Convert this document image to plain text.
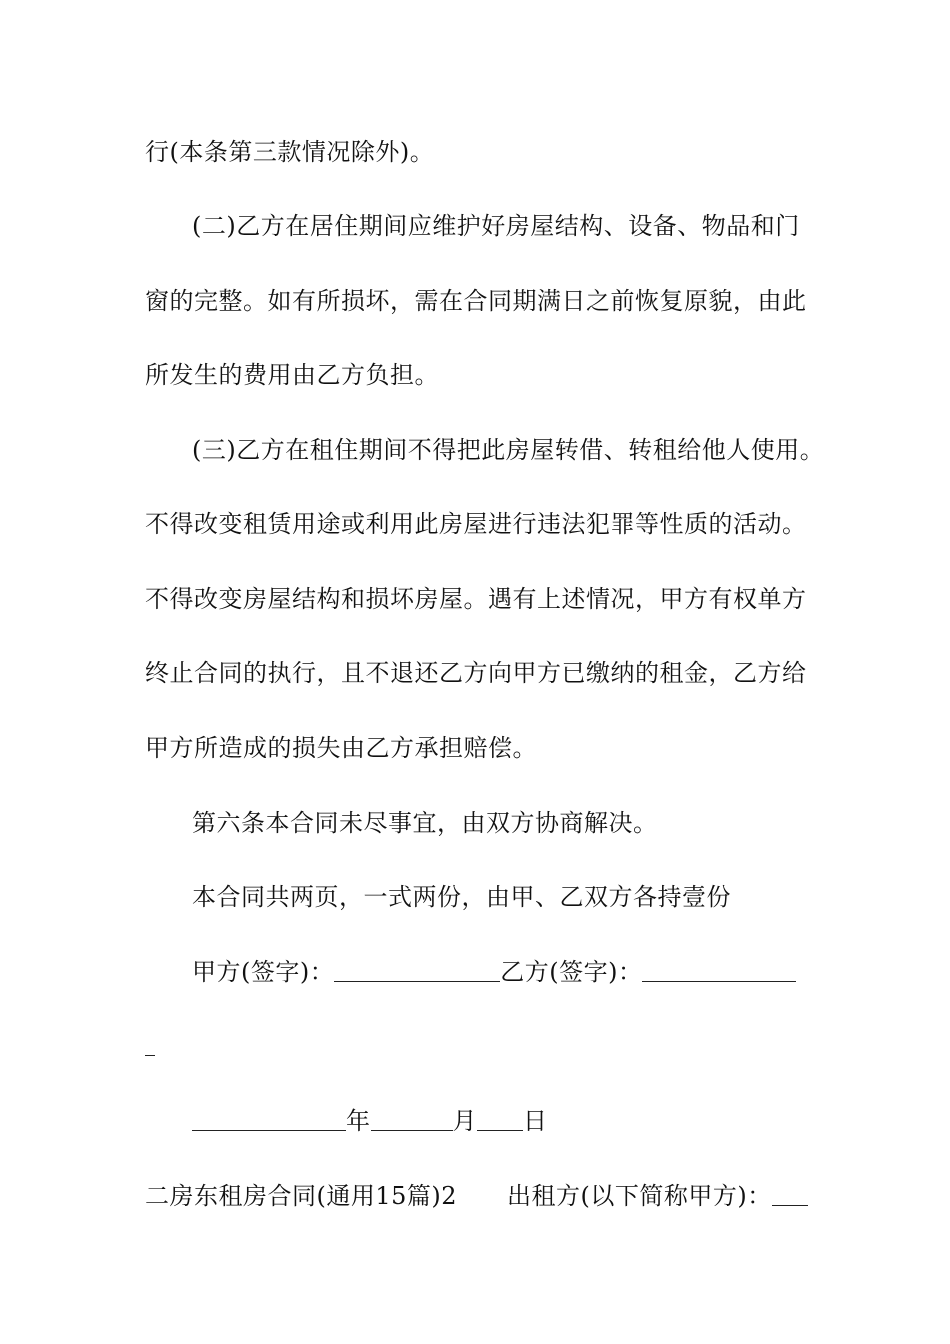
行(本条第三款情况除外)。
(二)乙方在居住期间应维护好房屋结构、设备、物品和门
窗的完整。如有所损坏，需在合同期满日之前恢复原貌，由此
所发生的费用由乙方负担。
(三)乙方在租住期间不得把此房屋转借、转租给他人使用。
不得改变租赁用途或利用此房屋进行违法犯罪等性质的活动。
不得改变房屋结构和损坏房屋。遇有上述情况，甲方有权单方
终止合同的执行，且不退还乙方向甲方已缴纳的租金，乙方给
甲方所造成的损失由乙方承担赔偿。
第六条本合同未尽事宜，由双方协商解决。
本合同共两页，一式两份，由甲、乙双方各持壹份
甲方(签字)：	乙方(签字)：
年	月 日
二房东租房合同(通用15篇)2 出租方(以下简称甲方)：
